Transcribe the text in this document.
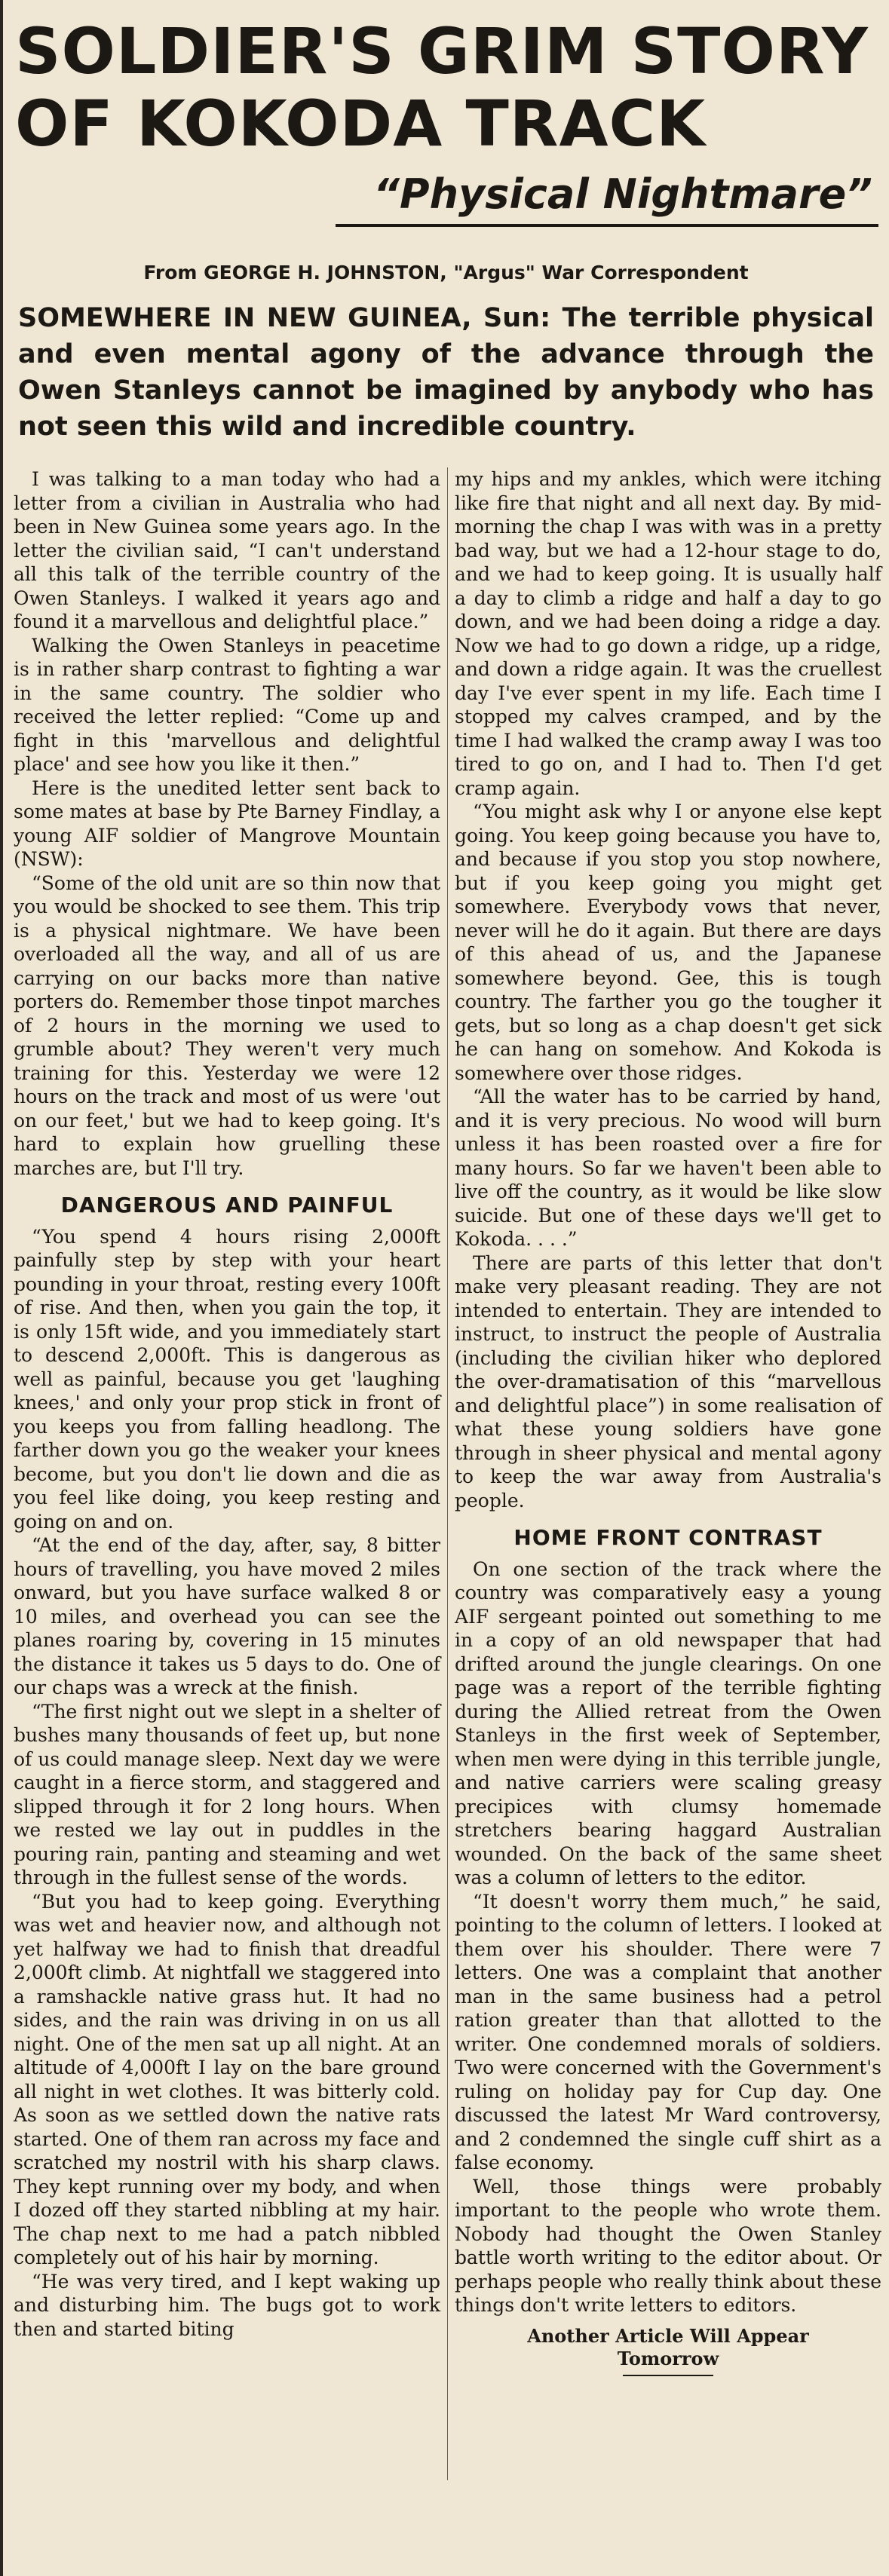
SOLDIER'S GRIM STORY
OF KOKODA TRACK
“Physical Nightmare”
From GEORGE H. JOHNSTON, "Argus" War Correspondent
SOMEWHERE IN NEW GUINEA, Sun: The terrible physical and even mental agony of the advance through the Owen Stanleys cannot be imagined by anybody who has not seen this wild and incredible country.

I was talking to a man today who had a letter from a civilian in Australia who had been in New Guinea some years ago. In the letter the civilian said, “I can't understand all this talk of the terrible country of the Owen Stanleys. I walked it years ago and found it a marvellous and delightful place.”

Walking the Owen Stanleys in peacetime is in rather sharp contrast to fighting a war in the same country. The soldier who received the letter replied: “Come up and fight in this 'marvellous and delightful place' and see how you like it then.”

Here is the unedited letter sent back to some mates at base by Pte Barney Findlay, a young AIF soldier of Mangrove Mountain (NSW):

“Some of the old unit are so thin now that you would be shocked to see them. This trip is a physical nightmare. We have been overloaded all the way, and all of us are carrying on our backs more than native porters do. Remember those tinpot marches of 2 hours in the morning we used to grumble about? They weren't very much training for this. Yesterday we were 12 hours on the track and most of us were 'out on our feet,' but we had to keep going. It's hard to explain how gruelling these marches are, but I'll try.

DANGEROUS AND PAINFUL

“You spend 4 hours rising 2,000ft painfully step by step with your heart pounding in your throat, resting every 100ft of rise. And then, when you gain the top, it is only 15ft wide, and you immediately start to descend 2,000ft. This is dangerous as well as painful, because you get 'laughing knees,' and only your prop stick in front of you keeps you from falling headlong. The farther down you go the weaker your knees become, but you don't lie down and die as you feel like doing, you keep resting and going on and on.

“At the end of the day, after, say, 8 bitter hours of travelling, you have moved 2 miles onward, but you have surface walked 8 or 10 miles, and overhead you can see the planes roaring by, covering in 15 minutes the distance it takes us 5 days to do. One of our chaps was a wreck at the finish.

“The first night out we slept in a shelter of bushes many thousands of feet up, but none of us could manage sleep. Next day we were caught in a fierce storm, and staggered and slipped through it for 2 long hours. When we rested we lay out in puddles in the pouring rain, panting and steaming and wet through in the fullest sense of the words.

“But you had to keep going. Everything was wet and heavier now, and although not yet halfway we had to finish that dreadful 2,000ft climb. At nightfall we staggered into a ramshackle native grass hut. It had no sides, and the rain was driving in on us all night. One of the men sat up all night. At an altitude of 4,000ft I lay on the bare ground all night in wet clothes. It was bitterly cold. As soon as we settled down the native rats started. One of them ran across my face and scratched my nostril with his sharp claws. They kept running over my body, and when I dozed off they started nibbling at my hair. The chap next to me had a patch nibbled completely out of his hair by morning.

“He was very tired, and I kept waking up and disturbing him. The bugs got to work then and started biting

my hips and my ankles, which were itching like fire that night and all next day. By mid-morning the chap I was with was in a pretty bad way, but we had a 12-hour stage to do, and we had to keep going. It is usually half a day to climb a ridge and half a day to go down, and we had been doing a ridge a day. Now we had to go down a ridge, up a ridge, and down a ridge again. It was the cruellest day I've ever spent in my life. Each time I stopped my calves cramped, and by the time I had walked the cramp away I was too tired to go on, and I had to. Then I'd get cramp again.

“You might ask why I or anyone else kept going. You keep going because you have to, and because if you stop you stop nowhere, but if you keep going you might get somewhere. Everybody vows that never, never will he do it again. But there are days of this ahead of us, and the Japanese somewhere beyond. Gee, this is tough country. The farther you go the tougher it gets, but so long as a chap doesn't get sick he can hang on somehow. And Kokoda is somewhere over those ridges.

“All the water has to be carried by hand, and it is very precious. No wood will burn unless it has been roasted over a fire for many hours. So far we haven't been able to live off the country, as it would be like slow suicide. But one of these days we'll get to Kokoda. . . .”

There are parts of this letter that don't make very pleasant reading. They are not intended to entertain. They are intended to instruct, to instruct the people of Australia (including the civilian hiker who deplored the over-dramatisation of this “marvellous and delightful place”) in some realisation of what these young soldiers have gone through in sheer physical and mental agony to keep the war away from Australia's people.

HOME FRONT CONTRAST

On one section of the track where the country was comparatively easy a young AIF sergeant pointed out something to me in a copy of an old newspaper that had drifted around the jungle clearings. On one page was a report of the terrible fighting during the Allied retreat from the Owen Stanleys in the first week of September, when men were dying in this terrible jungle, and native carriers were scaling greasy precipices with clumsy homemade stretchers bearing haggard Australian wounded. On the back of the same sheet was a column of letters to the editor.

“It doesn't worry them much,” he said, pointing to the column of letters. I looked at them over his shoulder. There were 7 letters. One was a complaint that another man in the same business had a petrol ration greater than that allotted to the writer. One condemned morals of soldiers. Two were concerned with the Government's ruling on holiday pay for Cup day. One discussed the latest Mr Ward controversy, and 2 condemned the single cuff shirt as a false economy.

Well, those things were probably important to the people who wrote them. Nobody had thought the Owen Stanley battle worth writing to the editor about. Or perhaps people who really think about these things don't write letters to editors.

Another Article Will Appear
Tomorrow
